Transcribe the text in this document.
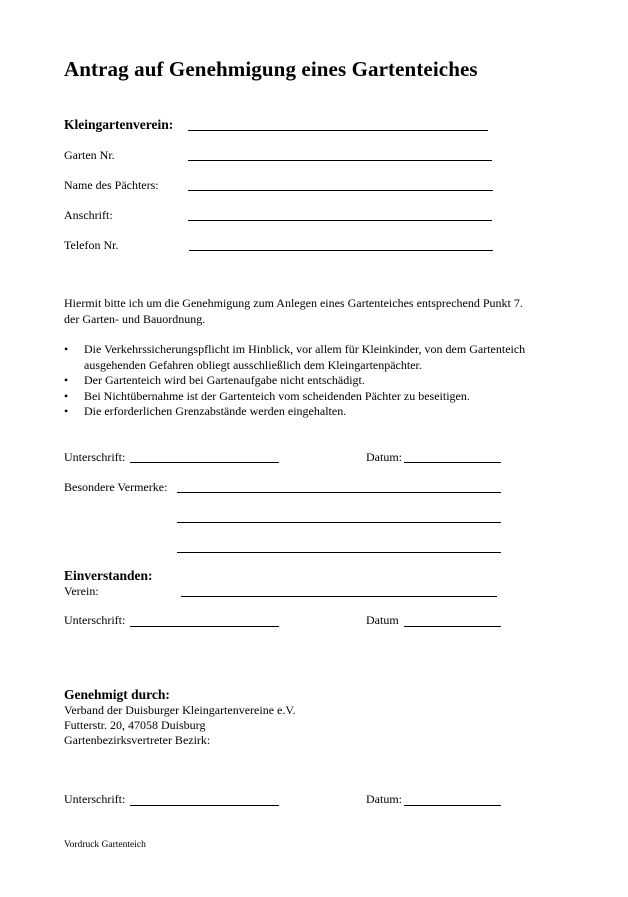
Antrag auf Genehmigung eines Gartenteiches
Kleingartenverein:
Garten Nr.
Name des Pächters:
Anschrift:
Telefon Nr.
Hiermit bitte ich um die Genehmigung zum Anlegen eines Gartenteiches entsprechend Punkt 7.
der Garten- und Bauordnung.
• Die Verkehrssicherungspflicht im Hinblick, vor allem für Kleinkinder, von dem Gartenteich
ausgehenden Gefahren obliegt ausschließlich dem Kleingartenpächter.
• Der Gartenteich wird bei Gartenaufgabe nicht entschädigt.
• Bei Nichtübernahme ist der Gartenteich vom scheidenden Pächter zu beseitigen.
• Die erforderlichen Grenzabstände werden eingehalten.
Unterschrift:	Datum:
Besondere Vermerke:
Einverstanden:
Verein:
Unterschrift:	Datum
Genehmigt durch:
Verband der Duisburger Kleingartenvereine e.V.
Futterstr. 20, 47058 Duisburg
Gartenbezirksvertreter Bezirk:
Unterschrift:	Datum:
Vordruck Gartenteich
